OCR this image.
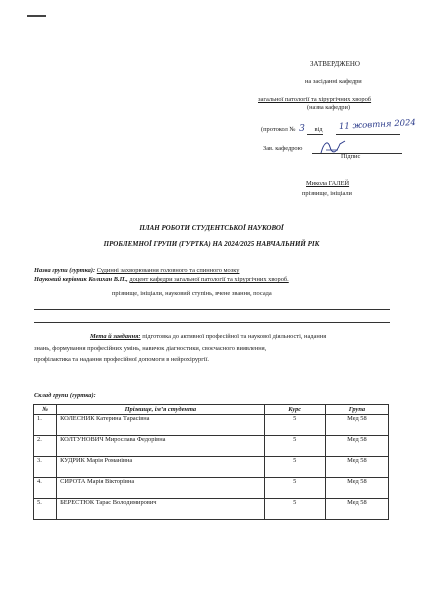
ЗАТВЕРДЖЕНО
на засіданні кафедри
загальної патології та хірургічних хвороб
(назва кафедри)
(протокол № 3 від 11 жовтня 2024
Зав. кафедрою
Підпис
Микола ГАЛЕЙ
прізвище, ініціали
ПЛАН РОБОТИ СТУДЕНТСЬКОЇ НАУКОВОЇ
ПРОБЛЕМНОЇ ГРУПИ (ГУРТКА) НА 2024/2025 НАВЧАЛЬНИЙ РІК
Назва групи (гуртка): Судинні захворювання головного та спинного мозку
Науковий керівник Колихан В.П., доцент кафедри загальної патології та хірургічних хвороб.
прізвище, ініціали, науковий ступінь, вчене звання, посада
Мета й завдання: підготовка до активної професійної та наукової діяльності, надання
знань, формування професійних умінь, навичок діагностики, своєчасного виявлення,
профілактика та надання професійної допомоги в нейрохірургії.
Склад групи (гуртка):
№	Прізвище, ім’я студента	Курс	Група
1.	КОЛЕСНИК Катерина Тарасівна	5	Мед 58
2.	КОЛТУНОВИЧ Мирослава Федорівна	5	Мед 58
3.	КУДРИК Марія Романівна	5	Мед 58
4.	СИРОТА Марія Вікторівна	5	Мед 58
5.	БЕРЕСТЮК Тарас Володимирович	5	Мед 58
